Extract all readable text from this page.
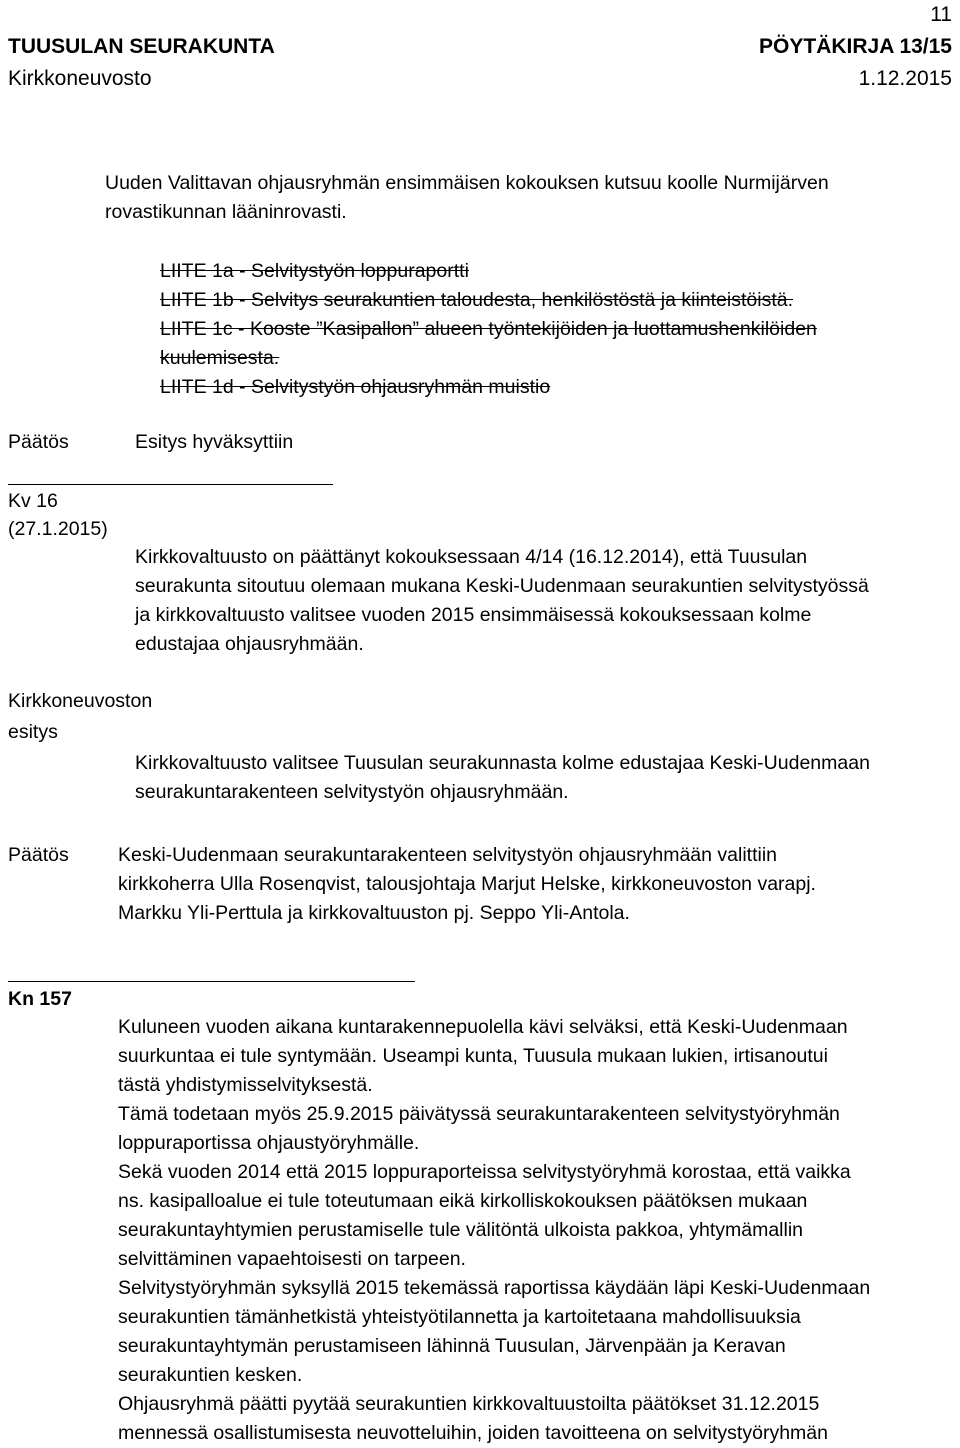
11
TUUSULAN SEURAKUNTA	PÖYTÄKIRJA 13/15
Kirkkoneuvosto	1.12.2015
Uuden Valittavan ohjausryhmän ensimmäisen kokouksen kutsuu koolle Nurmijärven
rovastikunnan lääninrovasti.
LIITE 1a - Selvitystyön loppuraportti
LIITE 1b - Selvitys seurakuntien taloudesta, henkilöstöstä ja kiinteistöistä.
LIITE 1c - Kooste ”Kasipallon” alueen työntekijöiden ja luottamushenkilöiden
kuulemisesta.
LIITE 1d - Selvitystyön ohjausryhmän muistio
Päätös	Esitys hyväksyttiin
Kv 16
(27.1.2015)
Kirkkovaltuusto on päättänyt kokouksessaan 4/14 (16.12.2014), että Tuusulan
seurakunta sitoutuu olemaan mukana Keski-Uudenmaan seurakuntien selvitystyössä
ja kirkkovaltuusto valitsee vuoden 2015 ensimmäisessä kokouksessaan kolme
edustajaa ohjausryhmään.
Kirkkoneuvoston
esitys
Kirkkovaltuusto valitsee Tuusulan seurakunnasta kolme edustajaa Keski-Uudenmaan
seurakuntarakenteen selvitystyön ohjausryhmään.
Päätös	Keski-Uudenmaan seurakuntarakenteen selvitystyön ohjausryhmään valittiin
kirkkoherra Ulla Rosenqvist, talousjohtaja Marjut Helske, kirkkoneuvoston varapj.
Markku Yli-Perttula ja kirkkovaltuuston pj. Seppo Yli-Antola.
Kn 157
Kuluneen vuoden aikana kuntarakennepuolella kävi selväksi, että Keski-Uudenmaan
suurkuntaa ei tule syntymään. Useampi kunta, Tuusula mukaan lukien, irtisanoutui
tästä yhdistymisselvityksestä.
Tämä todetaan myös 25.9.2015 päivätyssä seurakuntarakenteen selvitystyöryhmän
loppuraportissa ohjaustyöryhmälle.
Sekä vuoden 2014 että 2015 loppuraporteissa selvitystyöryhmä korostaa, että vaikka
ns. kasipalloalue ei tule toteutumaan eikä kirkolliskokouksen päätöksen mukaan
seurakuntayhtymien perustamiselle tule välitöntä ulkoista pakkoa, yhtymämallin
selvittäminen vapaehtoisesti on tarpeen.
Selvitystyöryhmän syksyllä 2015 tekemässä raportissa käydään läpi Keski-Uudenmaan
seurakuntien tämänhetkistä yhteistyötilannetta ja kartoitetaana mahdollisuuksia
seurakuntayhtymän perustamiseen lähinnä Tuusulan, Järvenpään ja Keravan
seurakuntien kesken.
Ohjausryhmä päätti pyytää seurakuntien kirkkovaltuustoilta päätökset 31.12.2015
mennessä osallistumisesta neuvotteluihin, joiden tavoitteena on selvitystyöryhmän
